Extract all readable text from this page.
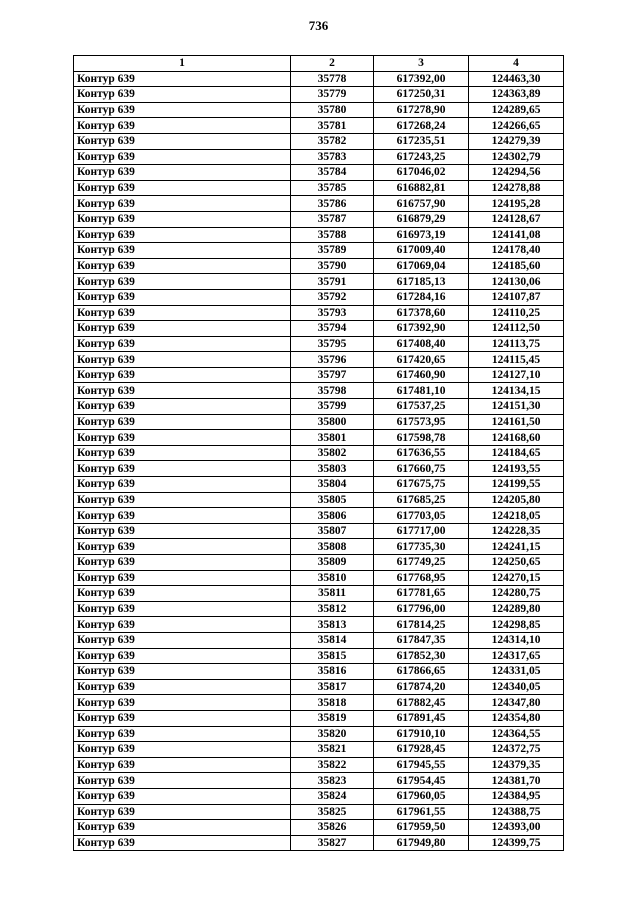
736
1	2	3	4
Контур 639	35778	617392,00	124463,30
Контур 639	35779	617250,31	124363,89
Контур 639	35780	617278,90	124289,65
Контур 639	35781	617268,24	124266,65
Контур 639	35782	617235,51	124279,39
Контур 639	35783	617243,25	124302,79
Контур 639	35784	617046,02	124294,56
Контур 639	35785	616882,81	124278,88
Контур 639	35786	616757,90	124195,28
Контур 639	35787	616879,29	124128,67
Контур 639	35788	616973,19	124141,08
Контур 639	35789	617009,40	124178,40
Контур 639	35790	617069,04	124185,60
Контур 639	35791	617185,13	124130,06
Контур 639	35792	617284,16	124107,87
Контур 639	35793	617378,60	124110,25
Контур 639	35794	617392,90	124112,50
Контур 639	35795	617408,40	124113,75
Контур 639	35796	617420,65	124115,45
Контур 639	35797	617460,90	124127,10
Контур 639	35798	617481,10	124134,15
Контур 639	35799	617537,25	124151,30
Контур 639	35800	617573,95	124161,50
Контур 639	35801	617598,78	124168,60
Контур 639	35802	617636,55	124184,65
Контур 639	35803	617660,75	124193,55
Контур 639	35804	617675,75	124199,55
Контур 639	35805	617685,25	124205,80
Контур 639	35806	617703,05	124218,05
Контур 639	35807	617717,00	124228,35
Контур 639	35808	617735,30	124241,15
Контур 639	35809	617749,25	124250,65
Контур 639	35810	617768,95	124270,15
Контур 639	35811	617781,65	124280,75
Контур 639	35812	617796,00	124289,80
Контур 639	35813	617814,25	124298,85
Контур 639	35814	617847,35	124314,10
Контур 639	35815	617852,30	124317,65
Контур 639	35816	617866,65	124331,05
Контур 639	35817	617874,20	124340,05
Контур 639	35818	617882,45	124347,80
Контур 639	35819	617891,45	124354,80
Контур 639	35820	617910,10	124364,55
Контур 639	35821	617928,45	124372,75
Контур 639	35822	617945,55	124379,35
Контур 639	35823	617954,45	124381,70
Контур 639	35824	617960,05	124384,95
Контур 639	35825	617961,55	124388,75
Контур 639	35826	617959,50	124393,00
Контур 639	35827	617949,80	124399,75
